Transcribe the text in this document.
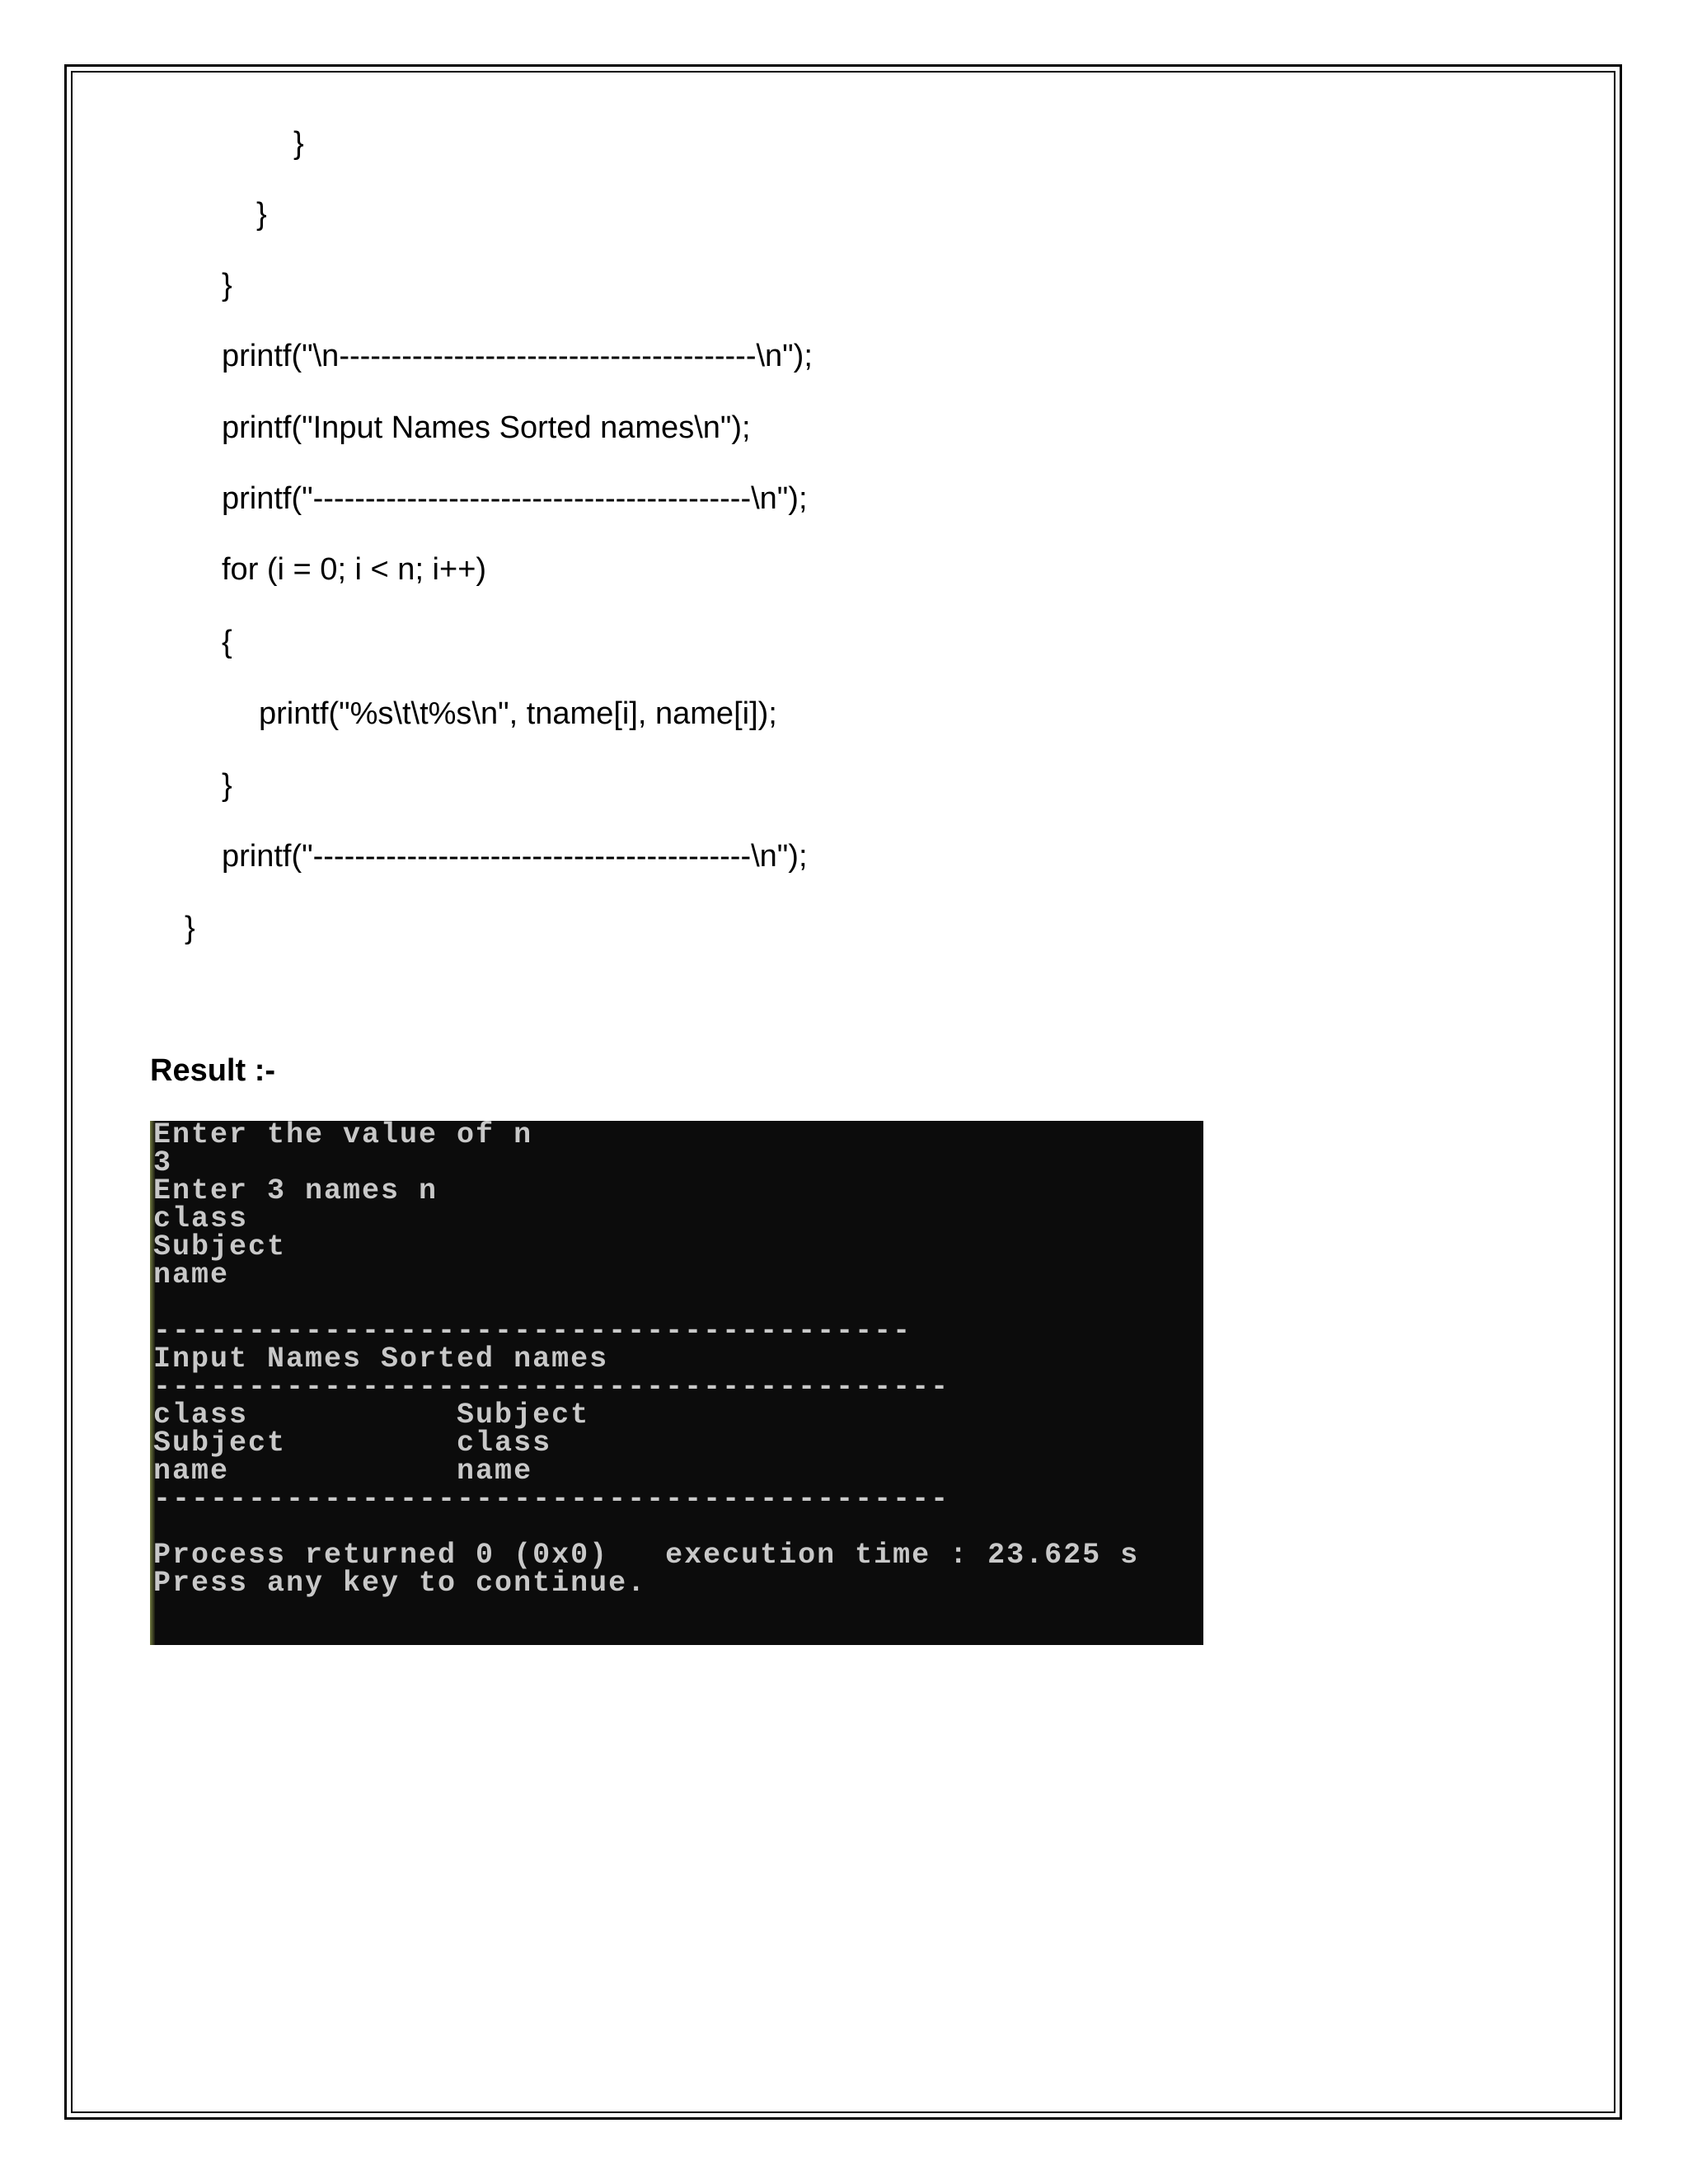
}
}
}
printf("\n----------------------------------------\n");
printf("Input Names Sorted names\n");
printf("------------------------------------------\n");
for (i = 0; i < n; i++)
{
printf("%s\t\t%s\n", tname[i], name[i]);
}
printf("------------------------------------------\n");
}
Result :-
Enter the value of n
3
Enter 3 names n
class
Subject
name
----------------------------------------
Input Names Sorted names
------------------------------------------
class           Subject
Subject         class
name            name
------------------------------------------
Process returned 0 (0x0)   execution time : 23.625 s
Press any key to continue.
